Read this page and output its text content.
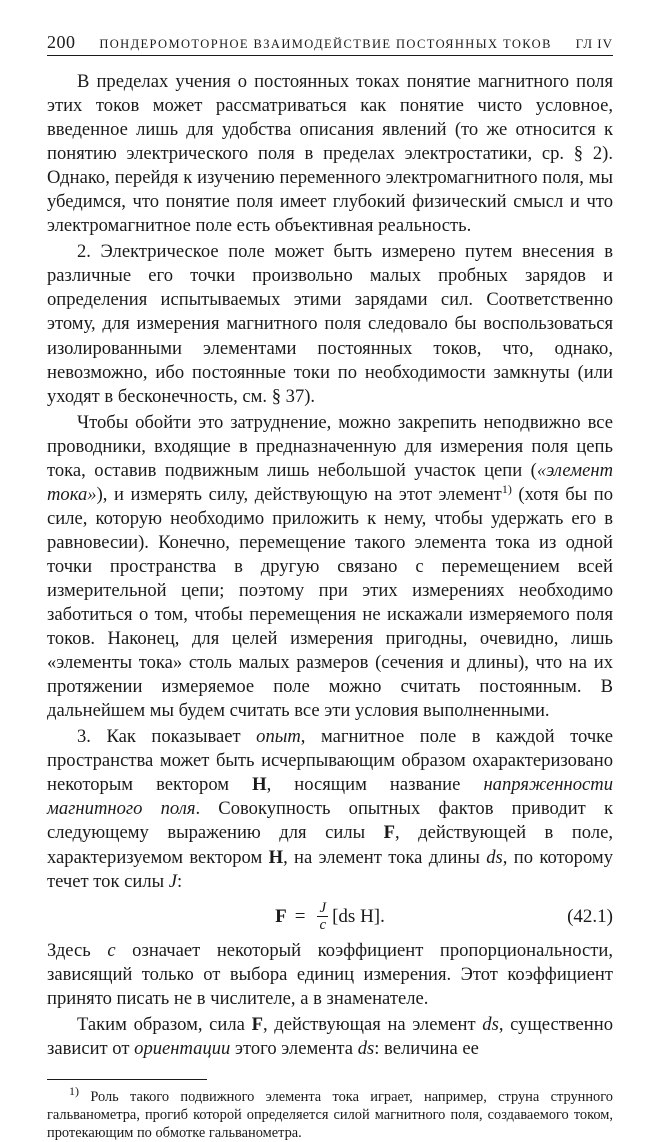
200 ПОНДЕРОМОТОРНОЕ ВЗАИМОДЕЙСТВИЕ ПОСТОЯННЫХ ТОКОВ ГЛ IV

В пределах учения о постоянных токах понятие магнитного поля этих токов может рассматриваться как понятие чисто условное, введенное лишь для удобства описания явлений (то же относится к понятию электрического поля в пределах электростатики, ср. § 2). Однако, перейдя к изучению переменного электромагнитного поля, мы убедимся, что понятие поля имеет глубокий физический смысл и что электромагнитное поле есть объективная реальность.

2. Электрическое поле может быть измерено путем внесения в различные его точки произвольно малых пробных зарядов и определения испытываемых этими зарядами сил. Соответственно этому, для измерения магнитного поля следовало бы воспользоваться изолированными элементами постоянных токов, что, однако, невозможно, ибо постоянные токи по необходимости замкнуты (или уходят в бесконечность, см. § 37).

Чтобы обойти это затруднение, можно закрепить неподвижно все проводники, входящие в предназначенную для измерения поля цепь тока, оставив подвижным лишь небольшой участок цепи («элемент тока»), и измерять силу, действующую на этот элемент$^{1)}$ (хотя бы по силе, которую необходимо приложить к нему, чтобы удержать его в равновесии). Конечно, перемещение такого элемента тока из одной точки пространства в другую связано с перемещением всей измерительной цепи; поэтому при этих измерениях необходимо заботиться о том, чтобы перемещения не искажали измеряемого поля токов. Наконец, для целей измерения пригодны, очевидно, лишь «элементы тока» столь малых размеров (сечения и длины), что на их протяжении измеряемое поле можно считать постоянным. В дальнейшем мы будем считать все эти условия выполненными.

3. Как показывает опыт, магнитное поле в каждой точке пространства может быть исчерпывающим образом охарактеризовано некоторым вектором H, носящим название напряженности магнитного поля. Совокупность опытных фактов приводит к следующему выражению для силы F, действующей в поле, характеризуемом вектором H, на элемент тока длины ds, по которому течет ток силы J:

$F = \frac{J}{c} [ds$ H].	(42.1)

Здесь c означает некоторый коэффициент пропорциональности, зависящий только от выбора единиц измерения. Этот коэффициент принято писать не в числителе, а в знаменателе.

Таким образом, сила F, действующая на элемент ds, существенно зависит от ориентации этого элемента ds: величина ее

$^{1)}$ Роль такого подвижного элемента тока играет, например, струна струнного гальванометра, прогиб которой определяется силой магнитного поля, создаваемого током, протекающим по обмотке гальванометра.
